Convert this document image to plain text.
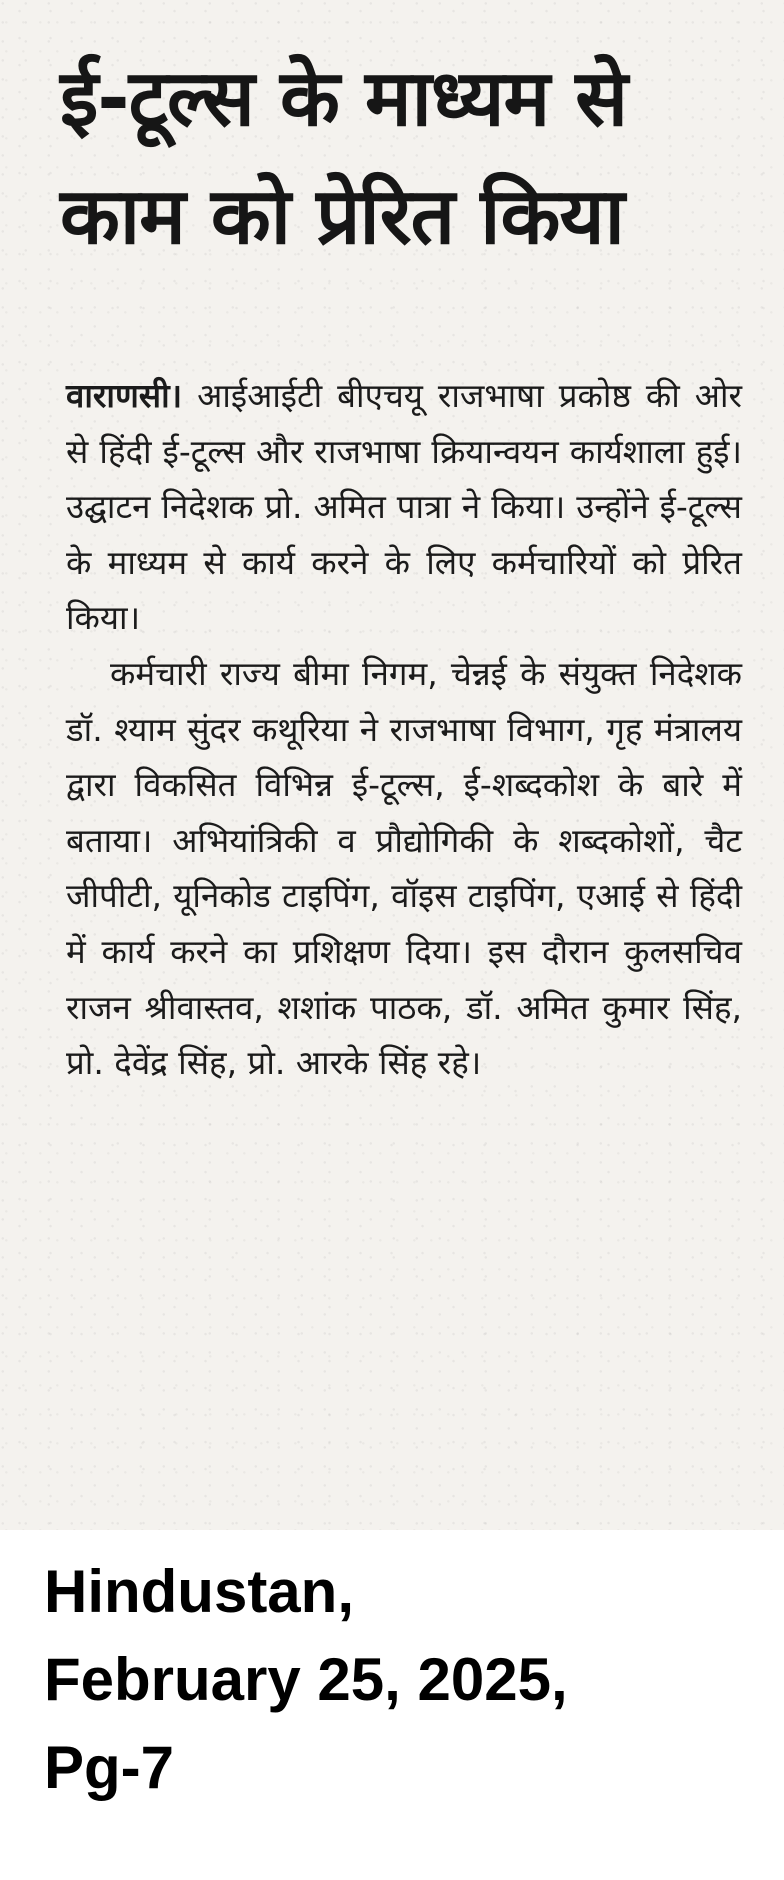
ई-टूल्स के माध्यम से
काम को प्रेरित किया

वाराणसी। आईआईटी बीएचयू राजभाषा प्रकोष्ठ की ओर से हिंदी ई-टूल्स और राजभाषा क्रियान्वयन कार्यशाला हुई। उद्घाटन निदेशक प्रो. अमित पात्रा ने किया। उन्होंने ई-टूल्स के माध्यम से कार्य करने के लिए कर्मचारियों को प्रेरित किया।

कर्मचारी राज्य बीमा निगम, चेन्नई के संयुक्त निदेशक डॉ. श्याम सुंदर कथूरिया ने राजभाषा विभाग, गृह मंत्रालय द्वारा विकसित विभिन्न ई-टूल्स, ई-शब्दकोश के बारे में बताया। अभियांत्रिकी व प्रौद्योगिकी के शब्दकोशों, चैट जीपीटी, यूनिकोड टाइपिंग, वॉइस टाइपिंग, एआई से हिंदी में कार्य करने का प्रशिक्षण दिया। इस दौरान कुलसचिव राजन श्रीवास्तव, शशांक पाठक, डॉ. अमित कुमार सिंह, प्रो. देवेंद्र सिंह, प्रो. आरके सिंह रहे।

Hindustan,
February 25, 2025,
Pg-7
